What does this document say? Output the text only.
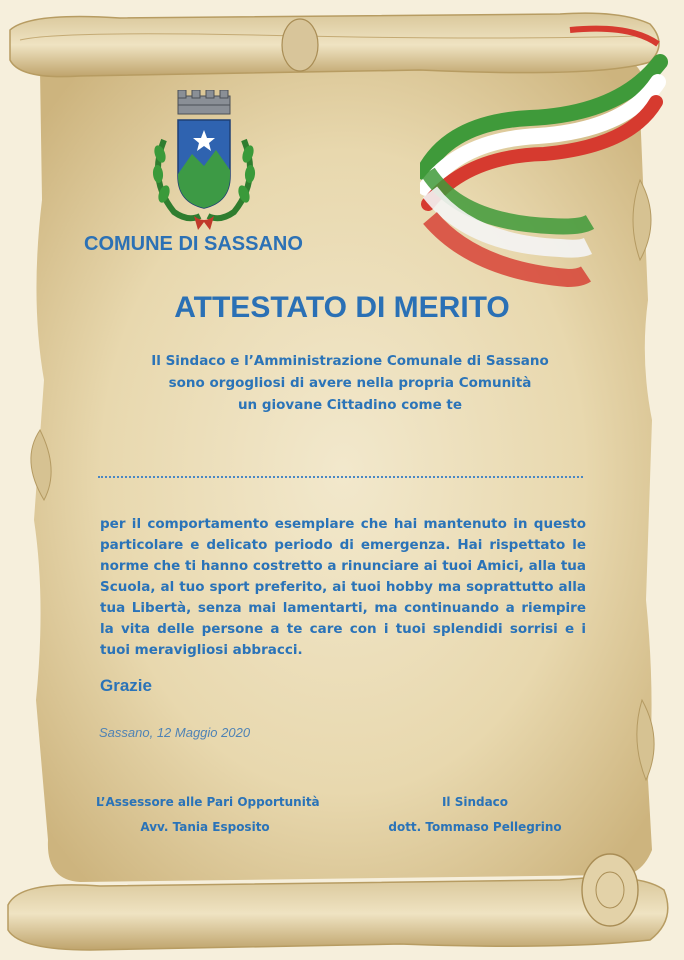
COMUNE DI SASSANO
ATTESTATO DI MERITO
Il Sindaco e l’Amministrazione Comunale di Sassano
sono orgogliosi di avere nella propria Comunità
un giovane Cittadino come te
per il comportamento esemplare che hai mantenuto in questo particolare e delicato periodo di emergenza. Hai rispettato le norme che ti hanno costretto a rinunciare ai tuoi Amici, alla tua Scuola, al tuo sport preferito, ai tuoi hobby ma soprattutto alla tua Libertà, senza mai lamentarti, ma continuando a riempire la vita delle persone a te care con i tuoi splendidi sorrisi e i tuoi meravigliosi abbracci.
Grazie
Sassano, 12 Maggio 2020
L’Assessore alle Pari Opportunità
Avv. Tania Esposito
Il Sindaco
dott. Tommaso Pellegrino
